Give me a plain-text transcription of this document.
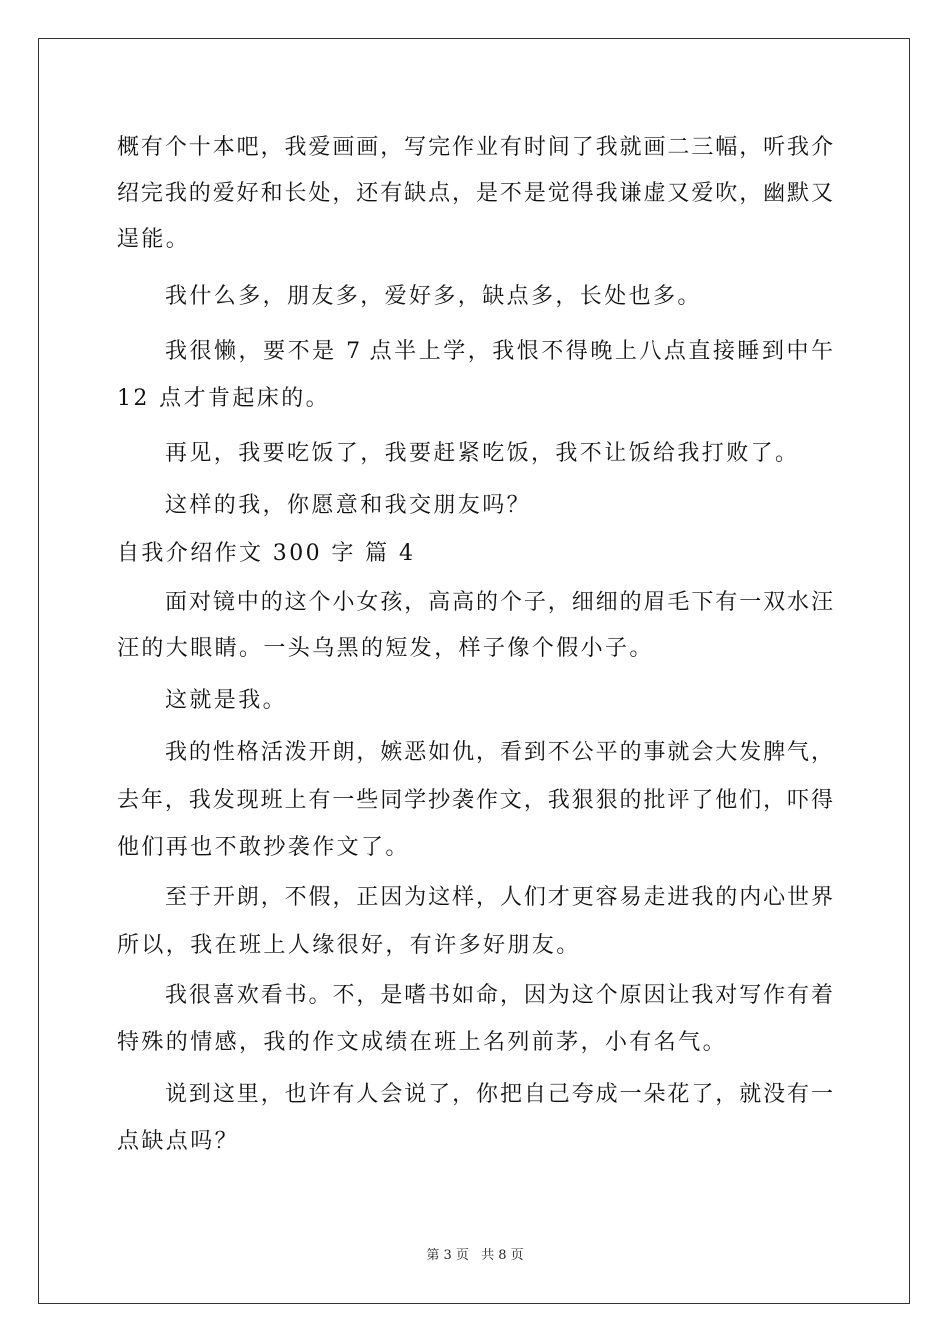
概有个十本吧，我爱画画，写完作业有时间了我就画二三幅，听我介
绍完我的爱好和长处，还有缺点，是不是觉得我谦虚又爱吹，幽默又
逞能。
我什么多，朋友多，爱好多，缺点多，长处也多。
我很懒，要不是 7 点半上学，我恨不得晚上八点直接睡到中午
12 点才肯起床的。
再见，我要吃饭了，我要赶紧吃饭，我不让饭给我打败了。
这样的我，你愿意和我交朋友吗？
自我介绍作文 300 字 篇 4
面对镜中的这个小女孩，高高的个子，细细的眉毛下有一双水汪
汪的大眼睛。一头乌黑的短发，样子像个假小子。
这就是我。
我的性格活泼开朗，嫉恶如仇，看到不公平的事就会大发脾气，
去年，我发现班上有一些同学抄袭作文，我狠狠的批评了他们，吓得
他们再也不敢抄袭作文了。
至于开朗，不假，正因为这样，人们才更容易走进我的内心世界
所以，我在班上人缘很好，有许多好朋友。
我很喜欢看书。不，是嗜书如命，因为这个原因让我对写作有着
特殊的情感，我的作文成绩在班上名列前茅，小有名气。
说到这里，也许有人会说了，你把自己夸成一朵花了，就没有一
点缺点吗？
第 3 页 共 8 页
